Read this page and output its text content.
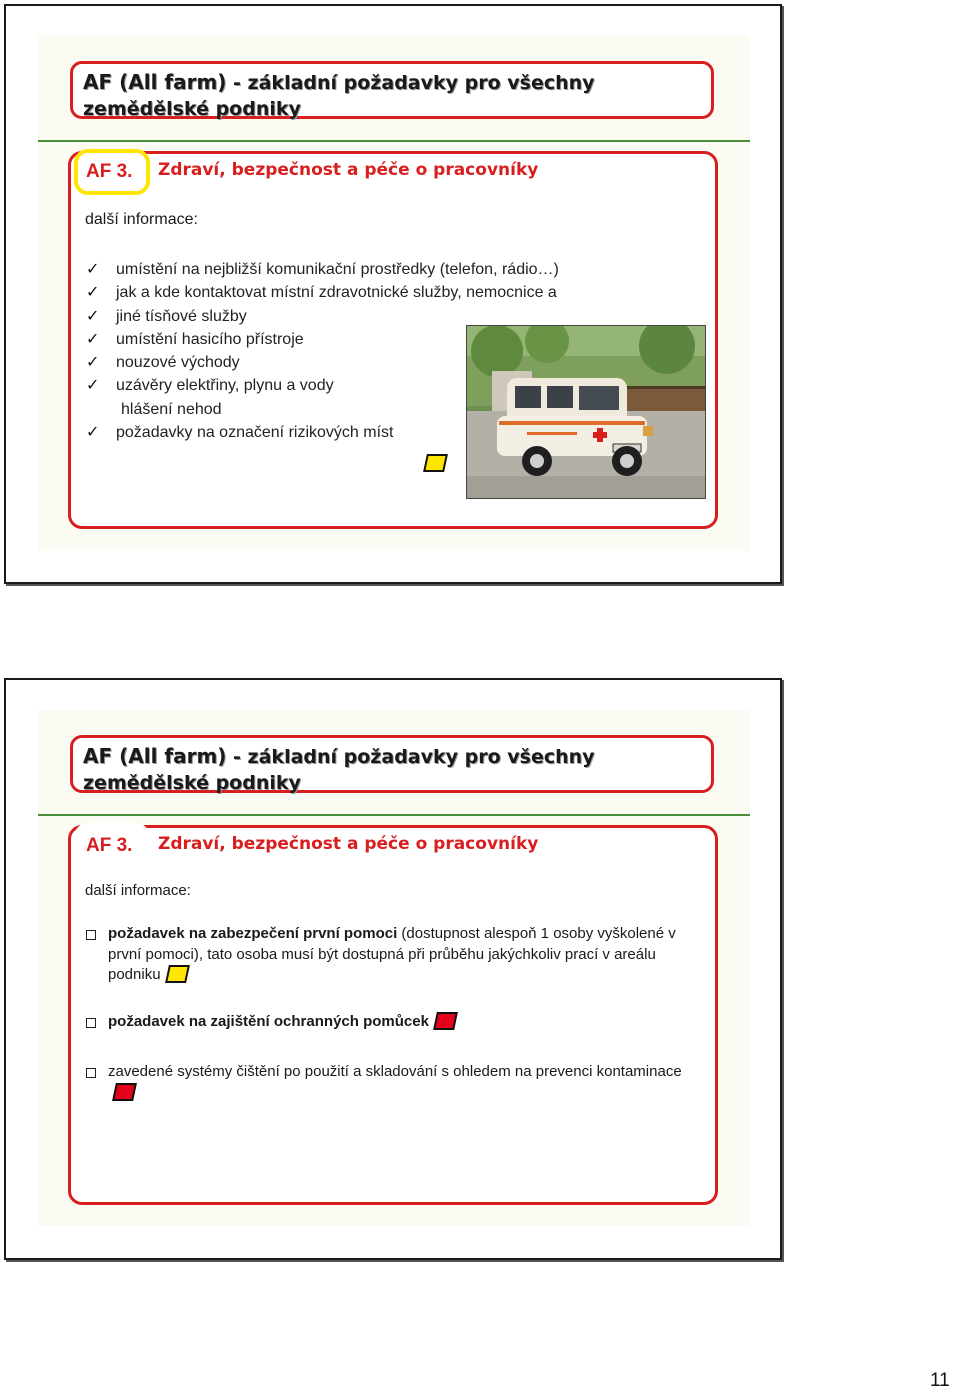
AF (All farm) - základní požadavky pro všechny zemědělské podniky
AF 3. Zdraví, bezpečnost a péče o pracovníky
další informace:
✓ umístění na nejbližší komunikační prostředky (telefon, rádio…)
✓ jak a kde kontaktovat místní zdravotnické služby, nemocnice a
✓ jiné tísňové služby
✓ umístění hasicího přístroje
✓ nouzové východy
✓ uzávěry elektřiny, plynu a vody
hlášení nehod
✓ požadavky na označení rizikových míst
AF (All farm) - základní požadavky pro všechny zemědělské podniky
AF 3. Zdraví, bezpečnost a péče o pracovníky
další informace:
požadavek na zabezpečení první pomoci (dostupnost alespoň 1 osoby vyškolené v první pomoci), tato osoba musí být dostupná při průběhu jakýchkoliv prací v areálu podniku
požadavek na zajištění ochranných pomůcek
zavedené systémy čištění po použití a skladování s ohledem na prevenci kontaminace
11
